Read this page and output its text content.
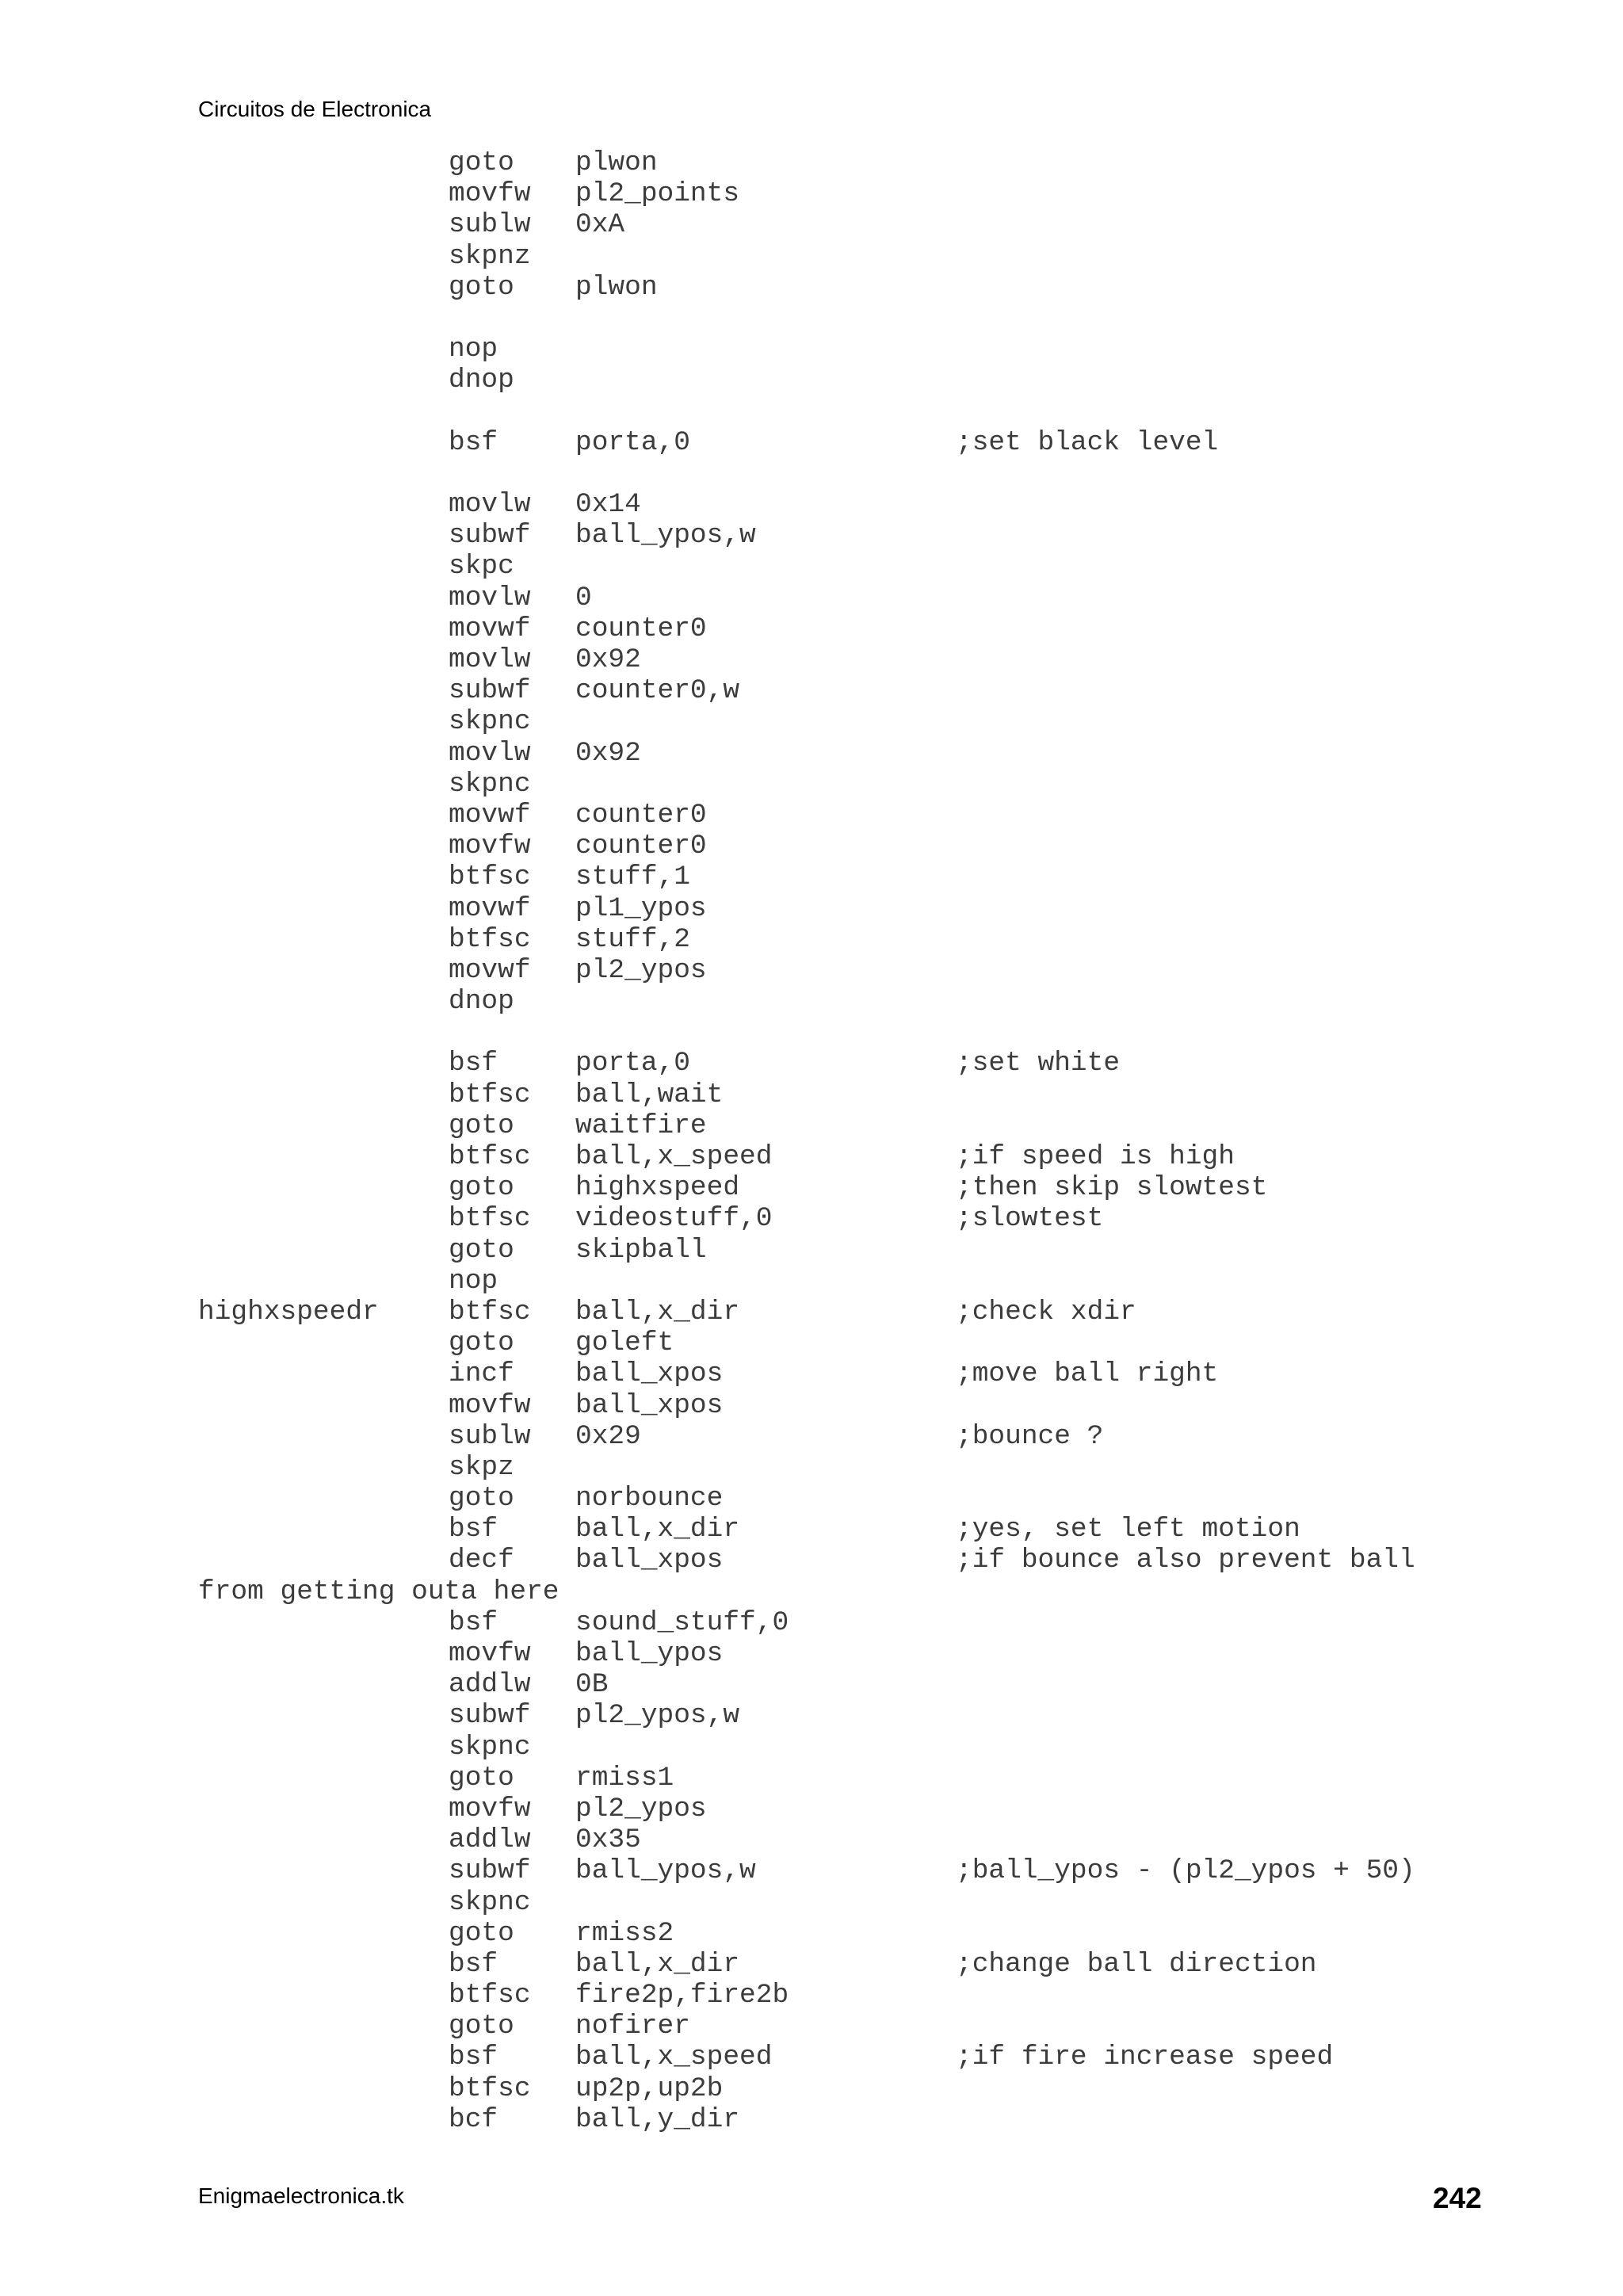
Circuitos de Electronica
goto	plwon
movfw	pl2_points
sublw	0xA
skpnz
goto	plwon
nop
dnop
bsf	porta,0	;set black level
movlw	0x14
subwf	ball_ypos,w
skpc
movlw	0
movwf	counter0
movlw	0x92
subwf	counter0,w
skpnc
movlw	0x92
skpnc
movwf	counter0
movfw	counter0
btfsc	stuff,1
movwf	pl1_ypos
btfsc	stuff,2
movwf	pl2_ypos
dnop
bsf	porta,0	;set white
btfsc	ball,wait
goto	waitfire
btfsc	ball,x_speed	;if speed is high
goto	highxspeed	;then skip slowtest
btfsc	videostuff,0	;slowtest
goto	skipball
nop
highxspeedr	btfsc	ball,x_dir	;check xdir
goto	goleft
incf	ball_xpos	;move ball right
movfw	ball_xpos
sublw	0x29	;bounce ?
skpz
goto	norbounce
bsf	ball,x_dir	;yes, set left motion
decf	ball_xpos	;if bounce also prevent ball
from getting outa here
bsf	sound_stuff,0
movfw	ball_ypos
addlw	0B
subwf	pl2_ypos,w
skpnc
goto	rmiss1
movfw	pl2_ypos
addlw	0x35
subwf	ball_ypos,w	;ball_ypos - (pl2_ypos + 50)
skpnc
goto	rmiss2
bsf	ball,x_dir	;change ball direction
btfsc	fire2p,fire2b
goto	nofirer
bsf	ball,x_speed	;if fire increase speed
btfsc	up2p,up2b
bcf	ball,y_dir
Enigmaelectronica.tk	242
